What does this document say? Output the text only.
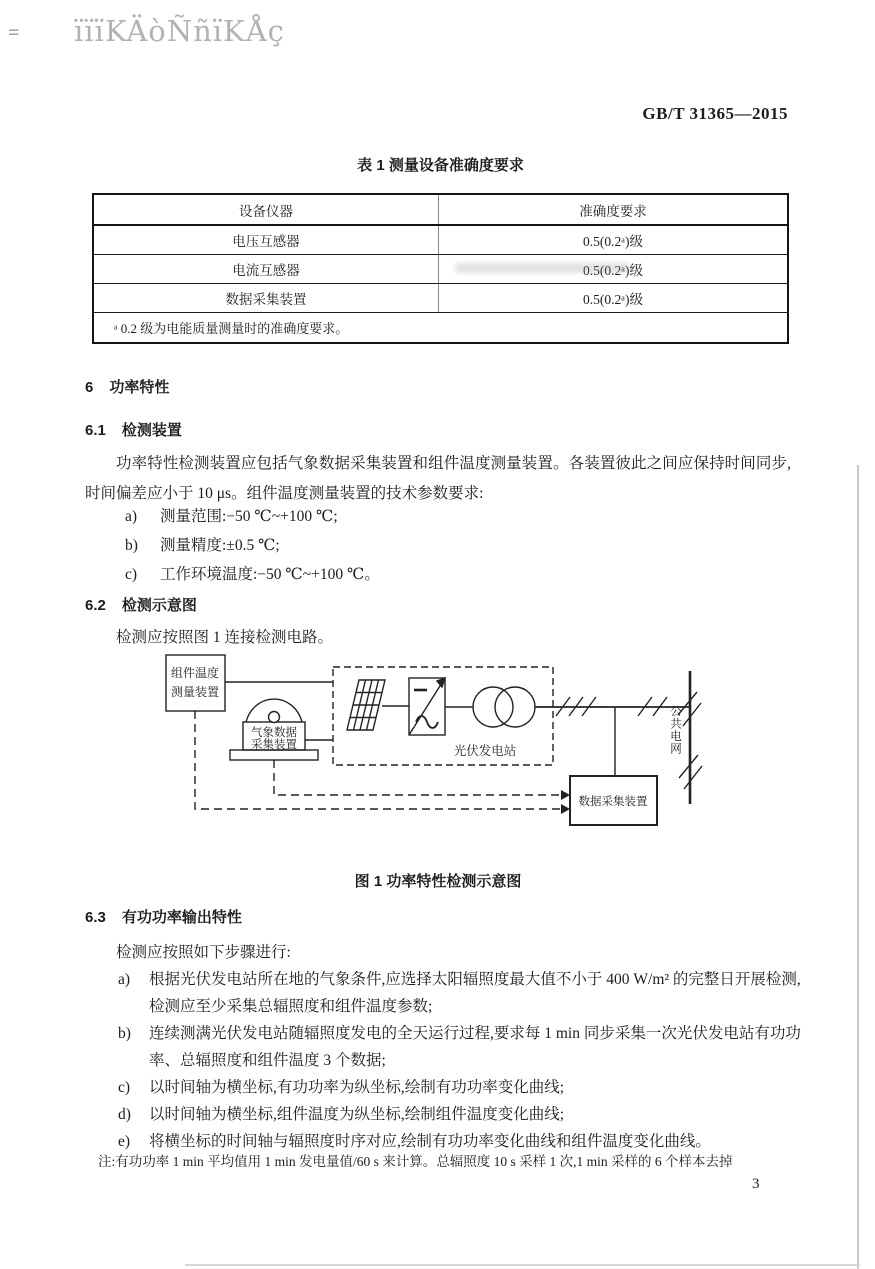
= ïïïKÄòÑñïKÅç
GB/T 31365—2015
表 1 测量设备准确度要求
设备仪器	准确度要求
电压互感器	0.5(0.2ᵃ)级
电流互感器	0.5(0.2ᵃ)级
数据采集装置	0.5(0.2ᵃ)级
ᵃ 0.2 级为电能质量测量时的准确度要求。	
6 功率特性
6.1 检测装置
功率特性检测装置应包括气象数据采集装置和组件温度测量装置。各装置彼此之间应保持时间同步,时间偏差应小于 10 μs。组件温度测量装置的技术参数要求:
a) 测量范围:−50 ℃~+100 ℃;
b) 测量精度:±0.5 ℃;
c) 工作环境温度:−50 ℃~+100 ℃。
6.2 检测示意图
检测应按照图 1 连接检测电路。
组件温度
测量装置
气象数据
采集装置	光伏发电站
数据采集装置
公共电网
图 1 功率特性检测示意图
6.3 有功功率输出特性
检测应按照如下步骤进行:
a) 根据光伏发电站所在地的气象条件,应选择太阳辐照度最大值不小于 400 W/m² 的完整日开展检测,检测应至少采集总辐照度和组件温度参数;
b) 连续测满光伏发电站随辐照度发电的全天运行过程,要求每 1 min 同步采集一次光伏发电站有功功率、总辐照度和组件温度 3 个数据;
c) 以时间轴为横坐标,有功功率为纵坐标,绘制有功功率变化曲线;
d) 以时间轴为横坐标,组件温度为纵坐标,绘制组件温度变化曲线;
e) 将横坐标的时间轴与辐照度时序对应,绘制有功功率变化曲线和组件温度变化曲线。
注:有功功率 1 min 平均值用 1 min 发电量值/60 s 来计算。总辐照度 10 s 采样 1 次,1 min 采样的 6 个样本去掉
3
